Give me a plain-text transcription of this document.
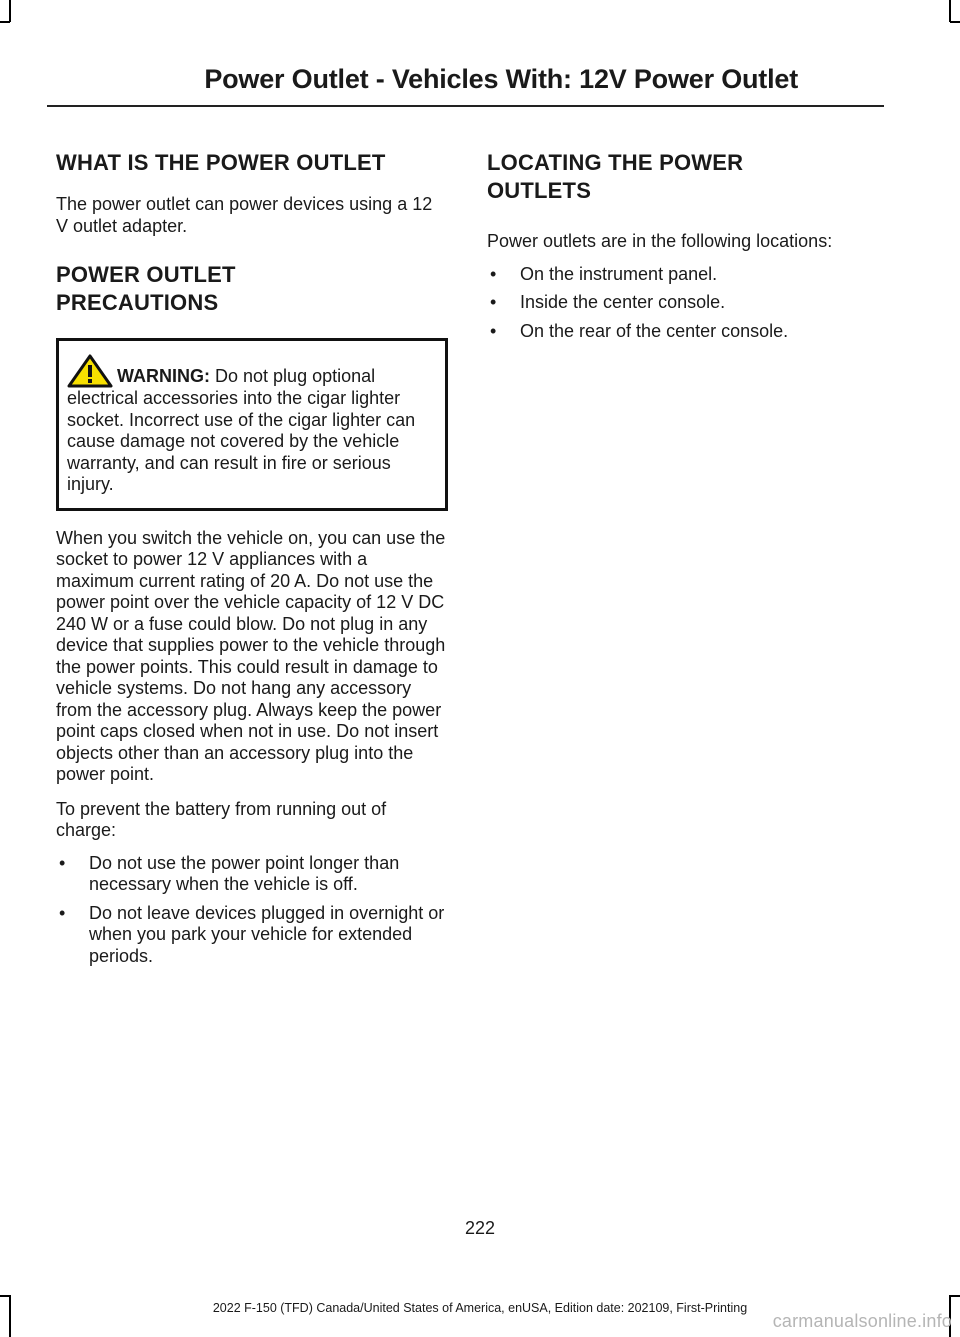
Power Outlet - Vehicles With: 12V Power Outlet
WHAT IS THE POWER OUTLET

The power outlet can power devices using a 12 V outlet adapter.

POWER OUTLET
PRECAUTIONS
WARNING: Do not plug optional electrical accessories into the cigar lighter socket. Incorrect use of the cigar lighter can cause damage not covered by the vehicle warranty, and can result in fire or serious injury.

When you switch the vehicle on, you can use the socket to power 12 V appliances with a maximum current rating of 20 A. Do not use the power point over the vehicle capacity of 12 V DC 240 W or a fuse could blow. Do not plug in any device that supplies power to the vehicle through the power points. This could result in damage to vehicle systems. Do not hang any accessory from the accessory plug. Always keep the power point caps closed when not in use. Do not insert objects other than an accessory plug into the power point.

To prevent the battery from running out of charge:

• Do not use the power point longer than necessary when the vehicle is off.
• Do not leave devices plugged in overnight or when you park your vehicle for extended periods.
LOCATING THE POWER
OUTLETS

Power outlets are in the following locations:

• On the instrument panel.
• Inside the center console.
• On the rear of the center console.
222
2022 F-150 (TFD) Canada/United States of America, enUSA, Edition date: 202109, First-Printing
carmanualsonline.info
